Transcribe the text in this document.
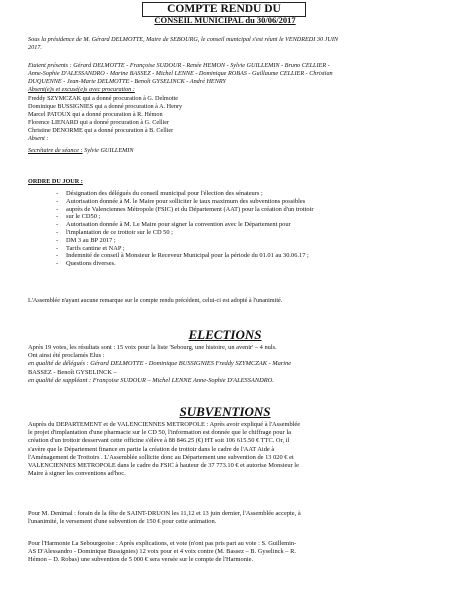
COMPTE RENDU DU
CONSEIL MUNICIPAL du 30/06/2017
Sous la présidence de M. Gérard DELMOTTE, Maire de SEBOURG, le conseil municipal s'est réuni le VENDREDI 30 JUIN
2017.
Etaient présents : Gérard DELMOTTE - Françoise SUDOUR - Renée HEMON - Sylvie GUILLEMIN - Bruno CELLIER -
Anne-Sophie D'ALESSANDRO - Marine BASSEZ - Michel LENNE - Dominique ROBAS - Guillaume CELLIER - Christian
DUQUENNE - Jean-Marie DELMOTTE - Benoît GYSELINCK - André HENRY
Absent(e)s et excusé(e)s avec procuration :
Freddy SZYMCZAK qui a donné procuration à G. Delmotte
Dominique BUSSIGNIES qui a donné procuration à A. Henry
Marcel PATOUX qui a donné procuration à R. Hémon
Florence LIENARD qui a donné procuration à G. Cellier
Christine DENORME qui a donné procuration à B. Cellier
Absent :
Secrétaire de séance : Sylvie GUILLEMIN
ORDRE DU JOUR :
- Désignation des délégués du conseil municipal pour l'élection des sénateurs ;
- Autorisation donnée à M. le Maire pour solliciter le taux maximum des subventions possibles
- auprès de Valenciennes Métropole (FSIC) et du Département (AAT) pour la création d'un trottoir
- sur le CD50 ;
- Autorisation donnée à M. Le Maire pour signer la convention avec le Département pour
- l'implantation de ce trottoir sur le CD 50 ;
- DM 3 au BP 2017 ;
- Tarifs cantine et NAP ;
- Indemnité de conseil à Monsieur le Receveur Municipal pour la période du 01.01 au 30.06.17 ;
- Questions diverses.
L'Assemblée n'ayant aucune remarque sur le compte rendu précédent, celui-ci est adopté à l'unanimité.
ELECTIONS
Après 19 votes, les résultats sont : 15 voix pour la liste 'Sebourg, une histoire, un avenir' – 4 nuls.
Ont ainsi été proclamés Elus :
en qualité de délégués : Gérard DELMOTTE - Dominique BUSSIGNIES Freddy SZYMCZAK - Marine
BASSEZ - Benoît GYSELINCK –
en qualité de suppléant : Françoise SUDOUR – Michel LENNE Anne-Sophie D'ALESSANDRO.
SUBVENTIONS
Auprès du DEPARTEMENT et de VALENCIENNES METROPOLE : Après avoir expliqué à l'Assemblée
le projet d'implantation d'une pharmacie sur le CD 50, l'information est donnée que le chiffrage pour la
création d'un trottoir desservant cette officine s'élève à 88 846.25 (€) HT soit 106 615.50 € TTC. Or, il
s'avère que le Département finance en partie la création de trottoir dans le cadre de l'AAT Aide à
l'Aménagement de Trottoirs . L'Assemblée sollicite donc au Département une subvention de 13 020 € et
VALENCIENNES METROPOLE dans le cadre du FSIC à hauteur de 37 773.10 € et autorise Monsieur le
Maire à signer les conventions ad'hoc.
Pour M. Denimal : forain de la fête de SAINT-DRUON les 11,12 et 13 juin dernier, l'Assemblée accepte, à
l'unanimité, le versement d'une subvention de 150 € pour cette animation.
Pour l'Harmonie La Sebourgeoise : Après explications, et vote (n'ont pas pris part au vote : S. Guillemin-
AS D'Alessandro - Dominique Bussignies) 12 voix pour et 4 voix contre (M. Bassez – B. Gyselinck – R.
Hémon – D. Robas) une subvention de 5 000 € sera versée sur le compte de l'Harmonie.
